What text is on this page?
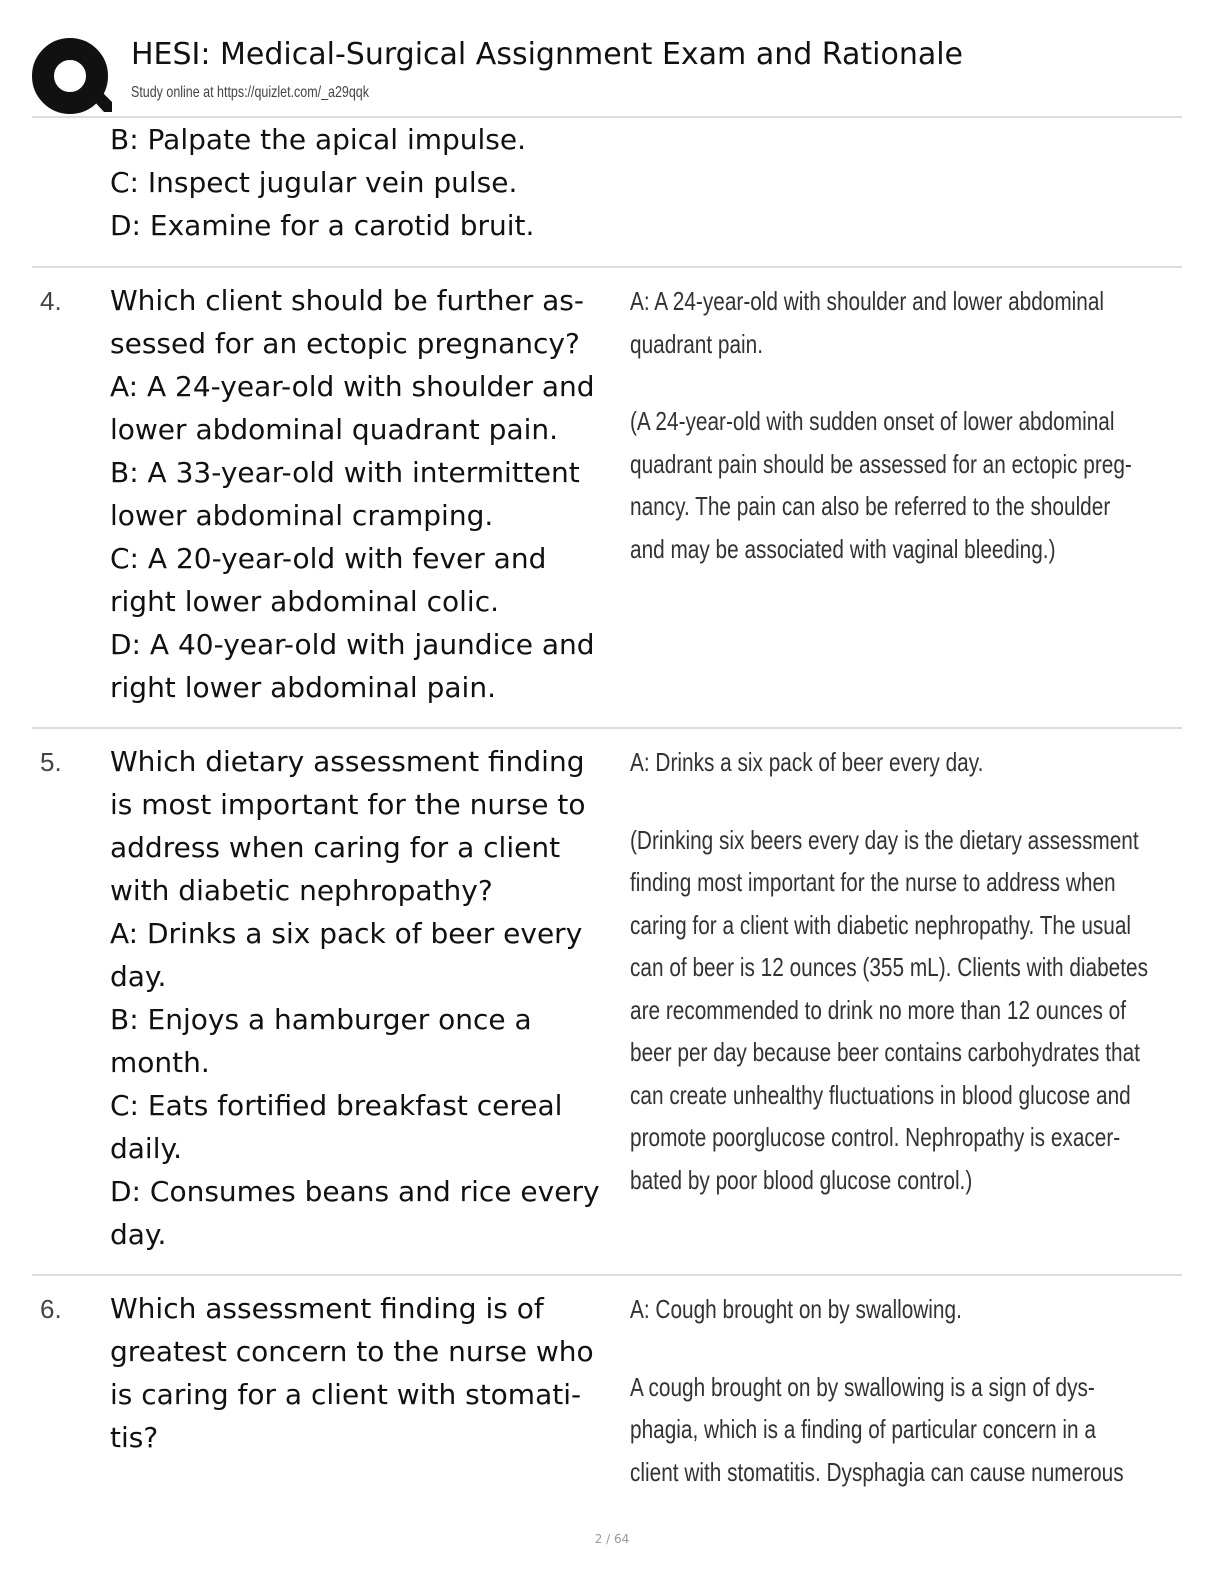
HESI: Medical-Surgical Assignment Exam and Rationale
Study online at https://quizlet.com/_a29qqk
B: Palpate the apical impulse.
C: Inspect jugular vein pulse.
D: Examine for a carotid bruit.
4. Which client should be further as-
sessed for an ectopic pregnancy?
A: A 24-year-old with shoulder and
lower abdominal quadrant pain.
B: A 33-year-old with intermittent
lower abdominal cramping.
C: A 20-year-old with fever and
right lower abdominal colic.
D: A 40-year-old with jaundice and
right lower abdominal pain.
A: A 24-year-old with shoulder and lower abdominal
quadrant pain.
(A 24-year-old with sudden onset of lower abdominal
quadrant pain should be assessed for an ectopic preg-
nancy. The pain can also be referred to the shoulder
and may be associated with vaginal bleeding.)
5. Which dietary assessment finding
is most important for the nurse to
address when caring for a client
with diabetic nephropathy?
A: Drinks a six pack of beer every
day.
B: Enjoys a hamburger once a
month.
C: Eats fortified breakfast cereal
daily.
D: Consumes beans and rice every
day.
A: Drinks a six pack of beer every day.
(Drinking six beers every day is the dietary assessment
finding most important for the nurse to address when
caring for a client with diabetic nephropathy. The usual
can of beer is 12 ounces (355 mL). Clients with diabetes
are recommended to drink no more than 12 ounces of
beer per day because beer contains carbohydrates that
can create unhealthy fluctuations in blood glucose and
promote poorglucose control. Nephropathy is exacer-
bated by poor blood glucose control.)
6. Which assessment finding is of
greatest concern to the nurse who
is caring for a client with stomati-
tis?
A: Cough brought on by swallowing.
A cough brought on by swallowing is a sign of dys-
phagia, which is a finding of particular concern in a
client with stomatitis. Dysphagia can cause numerous
2 / 64
